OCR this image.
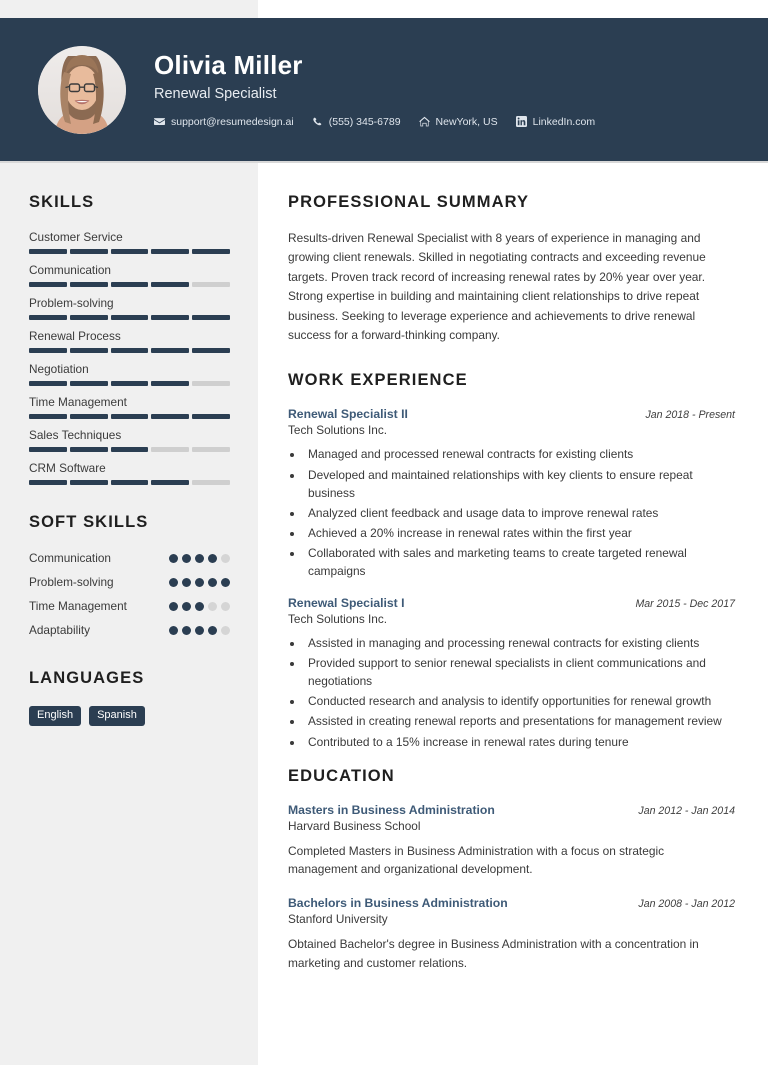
Olivia Miller
Renewal Specialist
support@resumedesign.ai	(555) 345-6789	NewYork, US	LinkedIn.com
SKILLS
Customer Service
Communication
Problem-solving
Renewal Process
Negotiation
Time Management
Sales Techniques
CRM Software
SOFT SKILLS
Communication
Problem-solving
Time Management
Adaptability
LANGUAGES
English	Spanish
PROFESSIONAL SUMMARY
Results-driven Renewal Specialist with 8 years of experience in managing and growing client renewals. Skilled in negotiating contracts and exceeding revenue targets. Proven track record of increasing renewal rates by 20% year over year. Strong expertise in building and maintaining client relationships to drive repeat business. Seeking to leverage experience and achievements to drive renewal success for a forward-thinking company.
WORK EXPERIENCE
Renewal Specialist II	Jan 2018 - Present
Tech Solutions Inc.
• Managed and processed renewal contracts for existing clients
• Developed and maintained relationships with key clients to ensure repeat business
• Analyzed client feedback and usage data to improve renewal rates
• Achieved a 20% increase in renewal rates within the first year
• Collaborated with sales and marketing teams to create targeted renewal campaigns
Renewal Specialist I	Mar 2015 - Dec 2017
Tech Solutions Inc.
• Assisted in managing and processing renewal contracts for existing clients
• Provided support to senior renewal specialists in client communications and negotiations
• Conducted research and analysis to identify opportunities for renewal growth
• Assisted in creating renewal reports and presentations for management review
• Contributed to a 15% increase in renewal rates during tenure
EDUCATION
Masters in Business Administration	Jan 2012 - Jan 2014
Harvard Business School
Completed Masters in Business Administration with a focus on strategic management and organizational development.
Bachelors in Business Administration	Jan 2008 - Jan 2012
Stanford University
Obtained Bachelor's degree in Business Administration with a concentration in marketing and customer relations.
